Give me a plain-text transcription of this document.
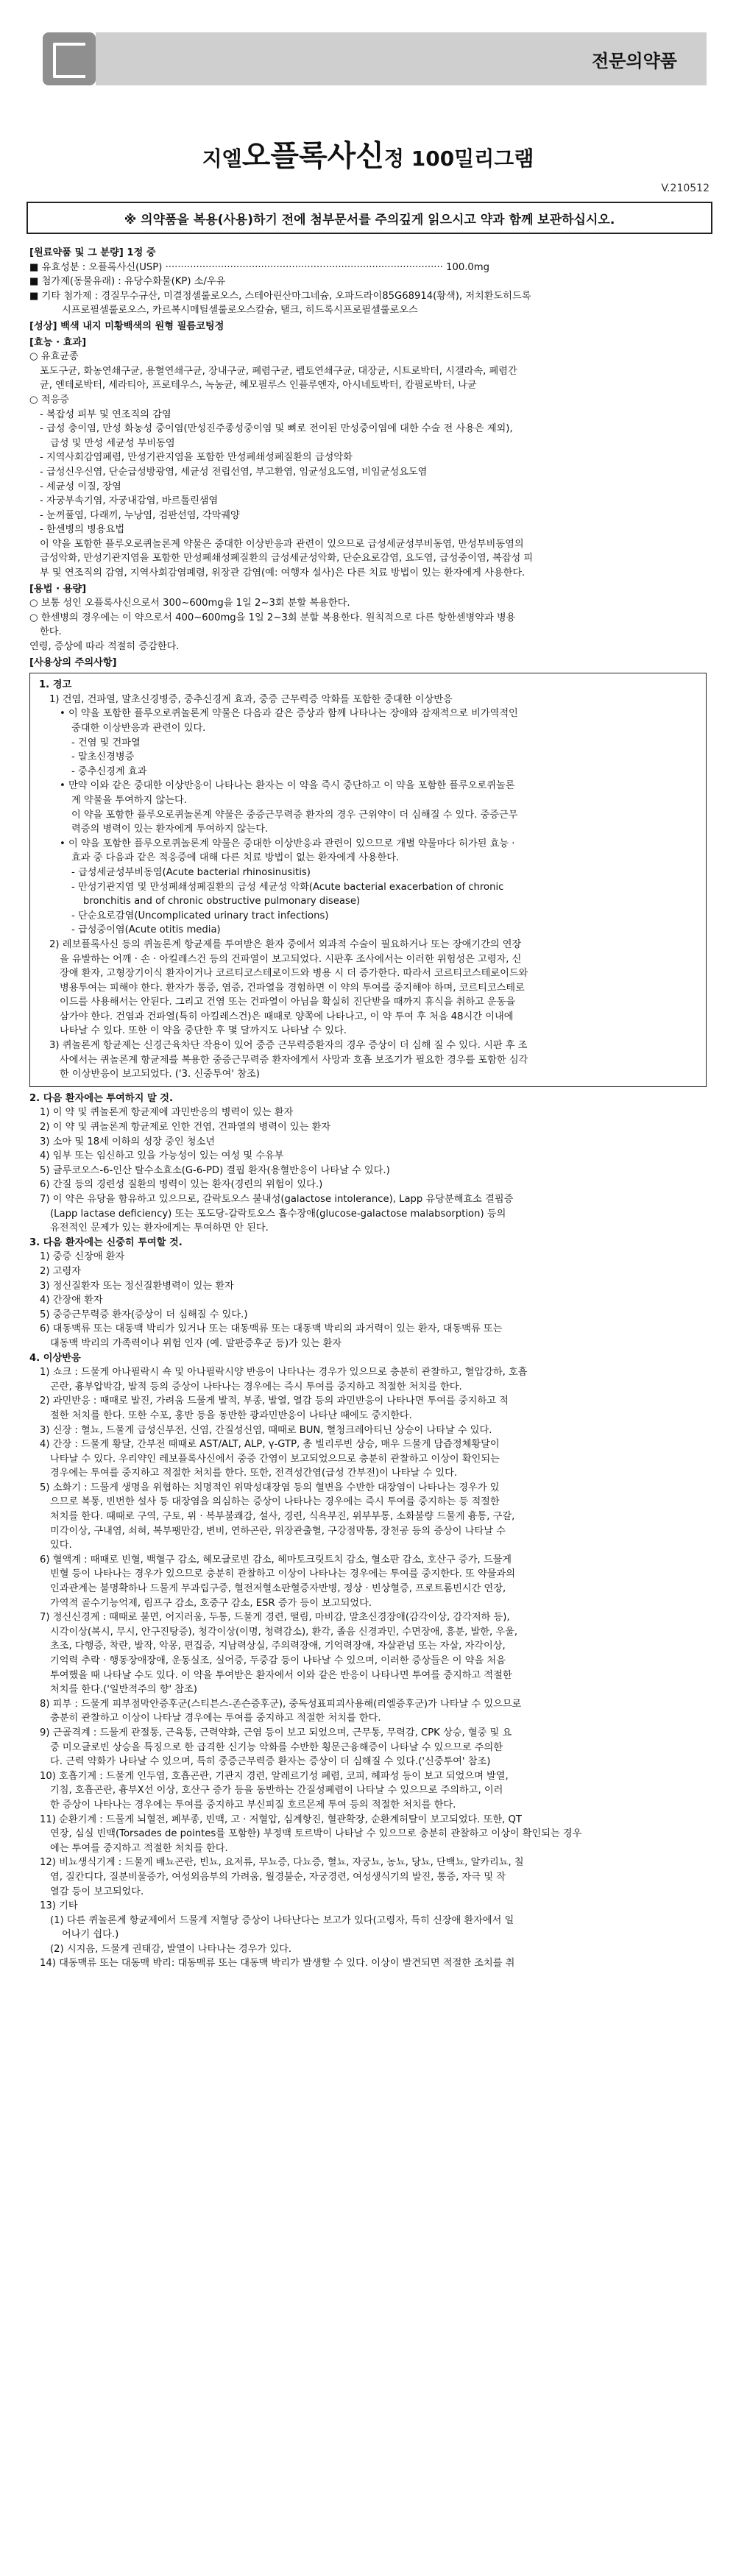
전문의약품
지엘오플록사신정 100밀리그램
V.210512
※ 의약품을 복용(사용)하기 전에 첨부문서를 주의깊게 읽으시고 약과 함께 보관하십시오.
[원료약품 및 그 분량] 1정 중
■ 유효성분 : 오플록사신(USP) ·························································································· 100.0mg
■ 첨가제(동물유래) : 유당수화물(KP) 소/우유
■ 기타 첨가제 : 경질무수규산, 미결정셀룰로오스, 스테아린산마그네슘, 오파드라이85G68914(황색), 저치환도히드록
시프로필셀룰로오스, 카르복시메틸셀룰로오스칼슘, 탤크, 히드록시프로필셀룰로오스
[성상] 백색 내지 미황백색의 원형 필름코팅정
[효능 · 효과]
○ 유효균종
포도구균, 화농연쇄구균, 용혈연쇄구균, 장내구균, 폐렴구균, 펩토연쇄구균, 대장균, 시트로박터, 시겔라속, 폐렴간
균, 엔테로박터, 세라티아, 프로테우스, 녹농균, 헤모필루스 인플루엔자, 아시네토박터, 캄필로박터, 나균
○ 적응증
- 복잡성 피부 및 연조직의 감염
- 급성 충이염, 만성 화농성 중이염(만성진주종성중이염 및 뼈로 전이된 만성중이염에 대한 수술 전 사용은 제외),
급성 및 만성 세균성 부비동염
- 지역사회감염폐렴, 만성기관지염을 포함한 만성폐쇄성폐질환의 급성악화
- 급성신우신염, 단순급성방광염, 세균성 전립선염, 부고환염, 임균성요도염, 비임균성요도염
- 세균성 이질, 장염
- 자궁부속기염, 자궁내감염, 바르톨린샘염
- 눈꺼풀염, 다래끼, 누낭염, 검판선염, 각막궤양
- 한센병의 병용요법
이 약을 포함한 플루오로퀴놀론계 약물은 중대한 이상반응과 관련이 있으므로 급성세균성부비동염, 만성부비동염의
급성악화, 만성기관지염을 포함한 만성폐쇄성폐질환의 급성세균성악화, 단순요로감염, 요도염, 급성중이염, 복잡성 피
부 및 연조직의 감염, 지역사회감염폐렴, 위장관 감염(예: 여행자 설사)은 다른 치료 방법이 있는 환자에게 사용한다.
[용법 · 용량]
○ 보통 성인 오플록사신으로서 300~600mg을 1일 2~3회 분할 복용한다.
○ 한센병의 경우에는 이 약으로서 400~600mg을 1일 2~3회 분할 복용한다. 원칙적으로 다른 항한센병약과 병용
한다.
연령, 증상에 따라 적절히 증감한다.
[사용상의 주의사항]
1. 경고
1) 건염, 건파열, 말초신경병증, 중추신경계 효과, 중증 근무력증 악화를 포함한 중대한 이상반응
• 이 약을 포함한 플루오로퀴놀론계 약물은 다음과 같은 증상과 함께 나타나는 장애와 잠재적으로 비가역적인
중대한 이상반응과 관련이 있다.
- 건염 및 건파열
- 말초신경병증
- 중추신경계 효과
• 만약 이와 같은 중대한 이상반응이 나타나는 환자는 이 약을 즉시 중단하고 이 약을 포함한 플루오로퀴놀론
계 약물을 투여하지 않는다.
이 약을 포함한 플루오로퀴놀론계 약물은 중증근무력증 환자의 경우 근위약이 더 심해질 수 있다. 중증근무
력증의 병력이 있는 환자에게 투여하지 않는다.
• 이 약을 포함한 플루오로퀴놀론계 약물은 중대한 이상반응과 관련이 있으므로 개별 약물마다 허가된 효능 ·
효과 중 다음과 같은 적응증에 대해 다른 치료 방법이 없는 환자에게 사용한다.
- 급성세균성부비동염(Acute bacterial rhinosinusitis)
- 만성기관지염 및 만성폐쇄성폐질환의 급성 세균성 악화(Acute bacterial exacerbation of chronic
bronchitis and of chronic obstructive pulmonary disease)
- 단순요로감염(Uncomplicated urinary tract infections)
- 급성중이염(Acute otitis media)
2) 레보플록사신 등의 퀴놀론계 항균제를 투여받은 환자 중에서 외과적 수술이 필요하거나 또는 장애기간의 연장
을 유발하는 어깨 · 손 · 아킬레스건 등의 건파열이 보고되었다. 시판후 조사에서는 이러한 위험성은 고령자, 신
장애 환자, 고형장기이식 환자이거나 코르티코스테로이드와 병용 시 더 증가한다. 따라서 코르티코스테로이드와
병용투여는 피해야 한다. 환자가 통증, 염증, 건파열을 경험하면 이 약의 투여를 중지해야 하며, 코르티코스테로
이드를 사용해서는 안된다. 그리고 건염 또는 건파열이 아님을 확실히 진단받을 때까지 휴식을 취하고 운동을
삼가야 한다. 건염과 건파열(특히 아킬레스건)은 때때로 양쪽에 나타나고, 이 약 투여 후 처음 48시간 이내에
나타날 수 있다. 또한 이 약을 중단한 후 몇 달까지도 나타날 수 있다.
3) 퀴놀론계 항균제는 신경근육차단 작용이 있어 중증 근무력증환자의 경우 증상이 더 심해 질 수 있다. 시판 후 조
사에서는 퀴놀론계 항균제를 복용한 중증근무력증 환자에게서 사망과 호흡 보조기가 필요한 경우를 포함한 심각
한 이상반응이 보고되었다. ('3. 신중투여' 참조)
2. 다음 환자에는 투여하지 말 것.
1) 이 약 및 퀴놀론계 항균제에 과민반응의 병력이 있는 환자
2) 이 약 및 퀴놀론계 항균제로 인한 건염, 건파열의 병력이 있는 환자
3) 소아 및 18세 이하의 성장 중인 청소년
4) 임부 또는 임신하고 있을 가능성이 있는 여성 및 수유부
5) 글루코오스-6-인산 탈수소효소(G-6-PD) 결핍 환자(용혈반응이 나타날 수 있다.)
6) 간질 등의 경련성 질환의 병력이 있는 환자(경련의 위험이 있다.)
7) 이 약은 유당을 함유하고 있으므로, 갈락토오스 불내성(galactose intolerance), Lapp 유당분해효소 결핍증
(Lapp lactase deficiency) 또는 포도당-갈락토오스 흡수장애(glucose-galactose malabsorption) 등의
유전적인 문제가 있는 환자에게는 투여하면 안 된다.
3. 다음 환자에는 신중히 투여할 것.
1) 중증 신장애 환자
2) 고령자
3) 정신질환자 또는 정신질환병력이 있는 환자
4) 간장애 환자
5) 중증근무력증 환자(증상이 더 심해질 수 있다.)
6) 대동맥류 또는 대동맥 박리가 있거나 또는 대동맥류 또는 대동맥 박리의 과거력이 있는 환자, 대동맥류 또는
대동맥 박리의 가족력이나 위험 인자 (예. 말판증후군 등)가 있는 환자
4. 이상반응
1) 쇼크 : 드물게 아나필락시 쇽 및 아나필락시양 반응이 나타나는 경우가 있으므로 충분히 관찰하고, 혈압강하, 호흡
곤란, 흉부압박감, 발적 등의 증상이 나타나는 경우에는 즉시 투여를 중지하고 적절한 처치를 한다.
2) 과민반응 : 때때로 발진, 가려움 드물게 발적, 부종, 발열, 열감 등의 과민반응이 나타나면 투여를 중지하고 적
절한 처치를 한다. 또한 수포, 홍반 등을 동반한 광과민반응이 나타난 때에도 중지한다.
3) 신장 : 혈뇨, 드물게 급성신부전, 신염, 간질성신염, 때때로 BUN, 혈청크레아티닌 상승이 나타날 수 있다.
4) 간장 : 드물게 황달, 간부전 때때로 AST/ALT, ALP, γ-GTP, 총 빌리루빈 상승, 매우 드물게 담즙정체황달이
나타날 수 있다. 우리약인 레보플록사신에서 중증 간염이 보고되었으므로 충분히 관찰하고 이상이 확인되는
경우에는 투여를 중지하고 적절한 처치를 한다. 또한, 전격성간염(급성 간부전)이 나타날 수 있다.
5) 소화기 : 드물게 생명을 위협하는 치명적인 위막성대장염 등의 혈변을 수반한 대장염이 나타나는 경우가 있
으므로 복통, 빈번한 설사 등 대장염을 의심하는 증상이 나타나는 경우에는 즉시 투여를 중지하는 등 적절한
처치를 한다. 때때로 구역, 구토, 위 · 복부불쾌감, 설사, 경련, 식욕부진, 위부부통, 소화불량 드물게 흉통, 구갈,
미각이상, 구내염, 쇠혀, 복부팽만감, 변비, 연하곤란, 위장관출혈, 구강점막통, 장천공 등의 증상이 나타날 수
있다.
6) 혈액계 : 때때로 빈혈, 백혈구 감소, 헤모글로빈 감소, 헤마토크릿트치 감소, 혈소판 감소, 호산구 증가, 드물게
빈혈 등이 나타나는 경우가 있으므로 충분히 관찰하고 이상이 나타나는 경우에는 투여를 중지한다. 또 약물과의
인과관계는 불명확하나 드물게 무과립구증, 혈전저혈소판혈증자반병, 정상 · 빈상혈증, 프로트롬빈시간 연장,
가역적 골수기능억제, 림프구 감소, 호중구 감소, ESR 증가 등이 보고되었다.
7) 정신신경계 : 때때로 불면, 어지러움, 두통, 드물게 경련, 떨림, 마비감, 말초신경장애(감각이상, 감각저하 등),
시각이상(복시, 무시, 안구진탕증), 청각이상(이명, 청력감소), 환각, 졸음 신경과민, 수면장애, 흥분, 발한, 우울,
초조, 다행증, 착란, 발작, 악몽, 편집증, 지남력상실, 주의력장애, 기억력장애, 자살관념 또는 자살, 자각이상,
기억력 추락 · 행동장애장애, 운동실조, 실어증, 두중감 등이 나타날 수 있으며, 이러한 증상들은 이 약을 처음
투여했을 때 나타날 수도 있다. 이 약을 투여받은 환자에서 이와 같은 반응이 나타나면 투여를 중지하고 적절한
처치를 한다.('일반적주의 향' 참조)
8) 피부 : 드물게 피부점막안증후군(스티븐스-존슨증후군), 중독성표피괴사용해(리엘증후군)가 나타날 수 있으므로
충분히 관찰하고 이상이 나타날 경우에는 투여를 중지하고 적절한 처치를 한다.
9) 근골격계 : 드물게 관절통, 근육통, 근력약화, 근염 등이 보고 되었으며, 근무통, 무력감, CPK 상승, 혈중 및 요
중 미오글로빈 상승을 특징으로 한 급격한 신기능 악화를 수반한 횡문근융해증이 나타날 수 있으므로 주의한
다. 근력 약화가 나타날 수 있으며, 특히 중증근무력증 환자는 증상이 더 심해질 수 있다.('신중투여' 참조)
10) 호흡기계 : 드물게 인두염, 호흡곤란, 기관지 경련, 알레르기성 폐렴, 코피, 헤파성 등이 보고 되었으며 발열,
기침, 호흡곤란, 흉부X선 이상, 호산구 증가 등을 동반하는 간질성폐렴이 나타날 수 있으므로 주의하고, 이러
한 증상이 나타나는 경우에는 투여를 중지하고 부신피질 호르몬제 투여 등의 적절한 처치를 한다.
11) 순환기계 : 드물게 뇌혈전, 폐부종, 빈맥, 고 · 저혈압, 심계항진, 혈관확장, 순환계허탈이 보고되었다. 또한, QT
연장, 심실 빈맥(Torsades de pointes를 포함한) 부정맥 토르박이 나타날 수 있으므로 충분히 관찰하고 이상이 확인되는 경우
에는 투여를 중지하고 적절한 처치를 한다.
12) 비뇨생식기계 : 드물게 배뇨곤란, 빈뇨, 요저류, 무뇨증, 다뇨증, 혈뇨, 자궁뇨, 농뇨, 당뇨, 단백뇨, 알카리뇨, 칠
염, 질칸디다, 질분비물증가, 여성외음부의 가려움, 월경불순, 자궁경련, 여성생식기의 발진, 통증, 자극 및 작
열감 등이 보고되었다.
13) 기타
(1) 다른 퀴놀론계 항균제에서 드물게 저혈당 증상이 나타난다는 보고가 있다(고령자, 특히 신장애 환자에서 일
어나기 쉽다.)
(2) 시지음, 드물게 권태감, 발열이 나타나는 경우가 있다.
14) 대동맥류 또는 대동맥 박리: 대동맥류 또는 대동맥 박리가 발생할 수 있다. 이상이 발견되면 적절한 조치를 취
